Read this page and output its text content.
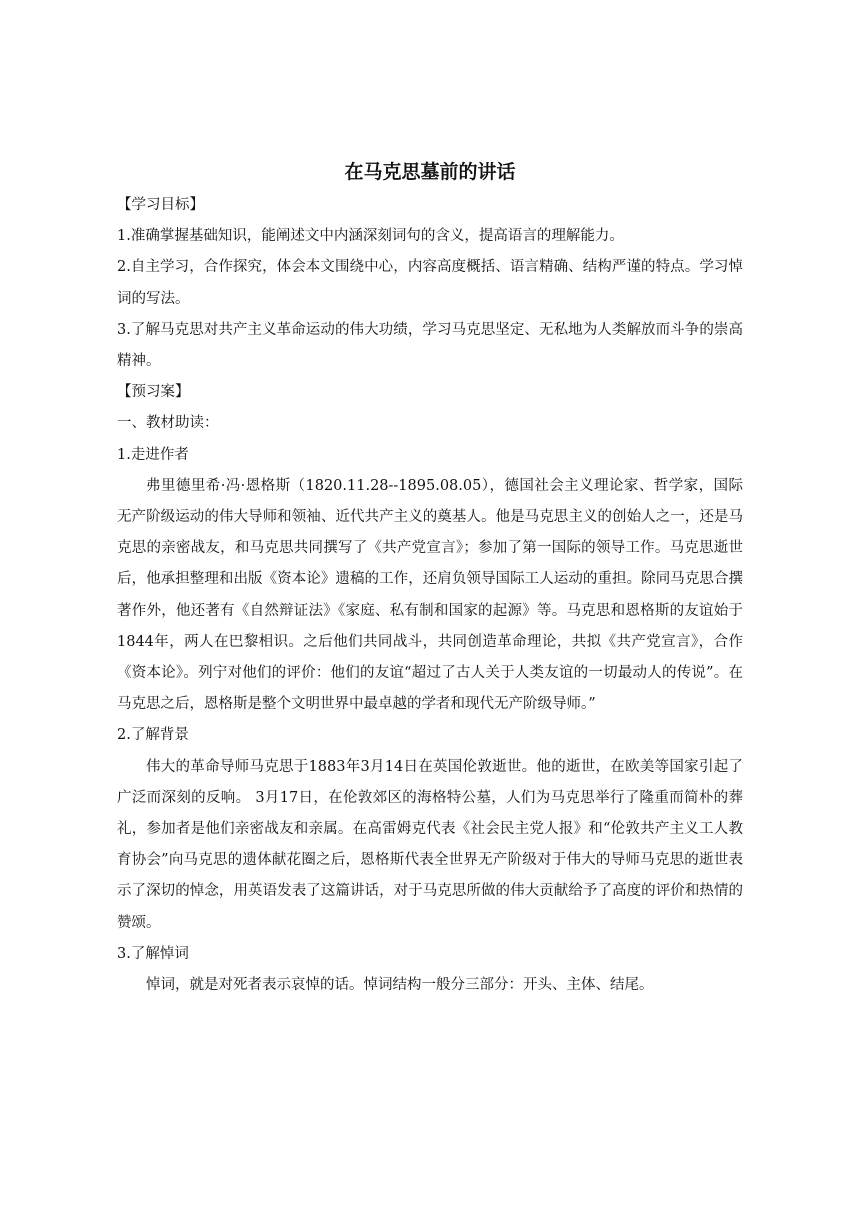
在马克思墓前的讲话

【学习目标】

1.准确掌握基础知识，能阐述文中内涵深刻词句的含义，提高语言的理解能力。

2.自主学习，合作探究，体会本文围绕中心，内容高度概括、语言精确、结构严谨的特点。学习悼词的写法。

3.了解马克思对共产主义革命运动的伟大功绩，学习马克思坚定、无私地为人类解放而斗争的崇高精神。

【预习案】

一、教材助读：

1.走进作者

弗里德里希·冯·恩格斯（1820.11.28--1895.08.05），德国社会主义理论家、哲学家，国际无产阶级运动的伟大导师和领袖、近代共产主义的奠基人。他是马克思主义的创始人之一，还是马克思的亲密战友，和马克思共同撰写了《共产党宣言》；参加了第一国际的领导工作。马克思逝世后，他承担整理和出版《资本论》遗稿的工作，还肩负领导国际工人运动的重担。除同马克思合撰著作外，他还著有《自然辩证法》《家庭、私有制和国家的起源》等。马克思和恩格斯的友谊始于1844年，两人在巴黎相识。之后他们共同战斗，共同创造革命理论，共拟《共产党宣言》，合作《资本论》。列宁对他们的评价：他们的友谊“超过了古人关于人类友谊的一切最动人的传说”。在马克思之后，恩格斯是整个文明世界中最卓越的学者和现代无产阶级导师。”

2.了解背景

伟大的革命导师马克思于1883年3月14日在英国伦敦逝世。他的逝世，在欧美等国家引起了广泛而深刻的反响。 3月17日，在伦敦郊区的海格特公墓，人们为马克思举行了隆重而简朴的葬礼，参加者是他们亲密战友和亲属。在高雷姆克代表《社会民主党人报》和“伦敦共产主义工人教育协会”向马克思的遗体献花圈之后，恩格斯代表全世界无产阶级对于伟大的导师马克思的逝世表示了深切的悼念，用英语发表了这篇讲话，对于马克思所做的伟大贡献给予了高度的评价和热情的赞颂。

3.了解悼词

悼词，就是对死者表示哀悼的话。悼词结构一般分三部分：开头、主体、结尾。
